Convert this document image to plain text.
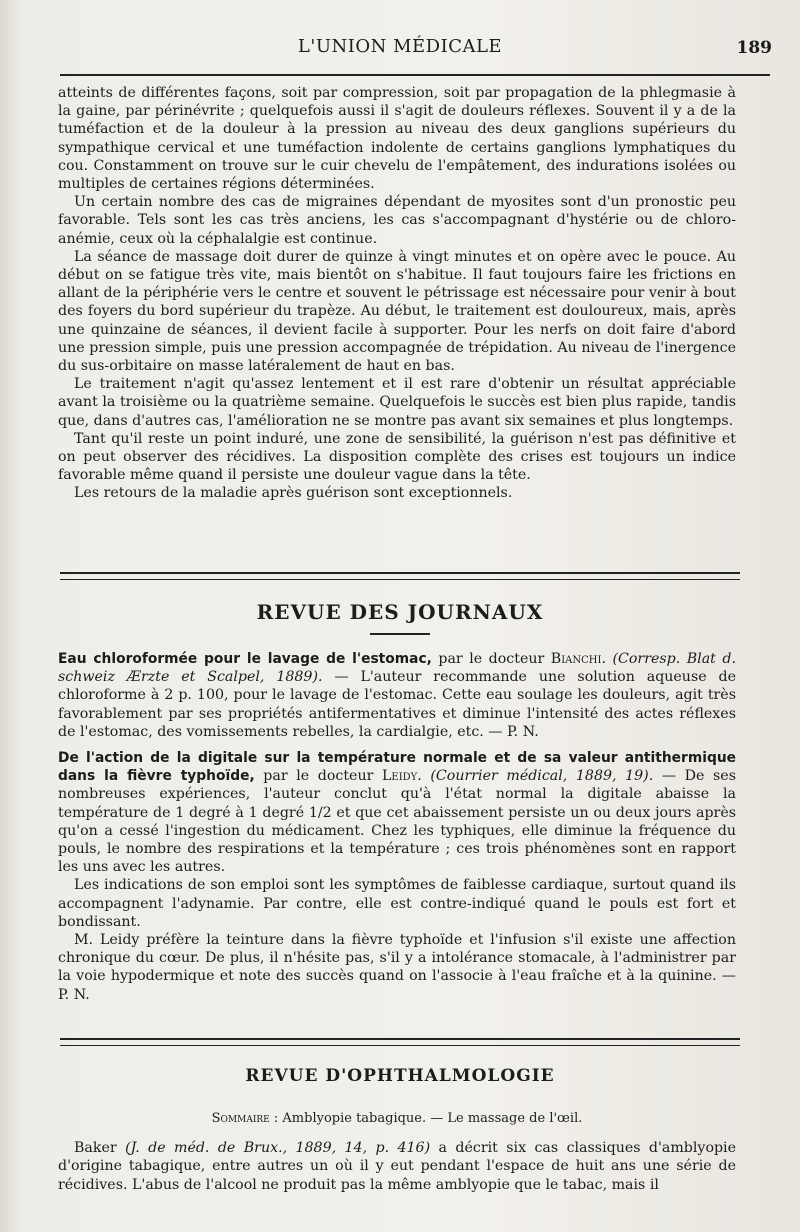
L'UNION MÉDICALE	189

atteints de différentes façons, soit par compression, soit par propagation de la phlegmasie à la gaine, par périnévrite ; quelquefois aussi il s'agit de douleurs réflexes. Souvent il y a de la tuméfaction et de la douleur à la pression au niveau des deux ganglions supérieurs du sympathique cervical et une tuméfaction indolente de certains ganglions lymphatiques du cou. Constamment on trouve sur le cuir chevelu de l'empâtement, des indurations isolées ou multiples de certaines régions déterminées.

Un certain nombre des cas de migraines dépendant de myosites sont d'un pronostic peu favorable. Tels sont les cas très anciens, les cas s'accompagnant d'hystérie ou de chloro-anémie, ceux où la céphalalgie est continue.

La séance de massage doit durer de quinze à vingt minutes et on opère avec le pouce. Au début on se fatigue très vite, mais bientôt on s'habitue. Il faut toujours faire les frictions en allant de la périphérie vers le centre et souvent le pétrissage est nécessaire pour venir à bout des foyers du bord supérieur du trapèze. Au début, le traitement est douloureux, mais, après une quinzaine de séances, il devient facile à supporter. Pour les nerfs on doit faire d'abord une pression simple, puis une pression accompagnée de trépidation. Au niveau de l'inergence du sus-orbitaire on masse latéralement de haut en bas.

Le traitement n'agit qu'assez lentement et il est rare d'obtenir un résultat appréciable avant la troisième ou la quatrième semaine. Quelquefois le succès est bien plus rapide, tandis que, dans d'autres cas, l'amélioration ne se montre pas avant six semaines et plus longtemps.

Tant qu'il reste un point induré, une zone de sensibilité, la guérison n'est pas définitive et on peut observer des récidives. La disposition complète des crises est toujours un indice favorable même quand il persiste une douleur vague dans la tête.

Les retours de la maladie après guérison sont exceptionnels.

REVUE DES JOURNAUX

Eau chloroformée pour le lavage de l'estomac, par le docteur Bianchi. (Corresp. Blat d. schweiz Ærzte et Scalpel, 1889). — L'auteur recommande une solution aqueuse de chloroforme à 2 p. 100, pour le lavage de l'estomac. Cette eau soulage les douleurs, agit très favorablement par ses propriétés antifermentatives et diminue l'intensité des actes réflexes de l'estomac, des vomissements rebelles, la cardialgie, etc. — P. N.

De l'action de la digitale sur la température normale et de sa valeur antithermique dans la fièvre typhoïde, par le docteur Leidy. (Courrier médical, 1889, 19). — De ses nombreuses expériences, l'auteur conclut qu'à l'état normal la digitale abaisse la température de 1 degré à 1 degré 1/2 et que cet abaissement persiste un ou deux jours après qu'on a cessé l'ingestion du médicament. Chez les typhiques, elle diminue la fréquence du pouls, le nombre des respirations et la température ; ces trois phénomènes sont en rapport les uns avec les autres.

Les indications de son emploi sont les symptômes de faiblesse cardiaque, surtout quand ils accompagnent l'adynamie. Par contre, elle est contre-indiqué quand le pouls est fort et bondissant.

M. Leidy préfère la teinture dans la fièvre typhoïde et l'infusion s'il existe une affection chronique du cœur. De plus, il n'hésite pas, s'il y a intolérance stomacale, à l'administrer par la voie hypodermique et note des succès quand on l'associe à l'eau fraîche et à la quinine. — P. N.

REVUE D'OPHTHALMOLOGIE
Sommaire : Amblyopie tabagique. — Le massage de l'œil.

Baker (J. de méd. de Brux., 1889, 14, p. 416) a décrit six cas classiques d'amblyopie d'origine tabagique, entre autres un où il y eut pendant l'espace de huit ans une série de récidives. L'abus de l'alcool ne produit pas la même amblyopie que le tabac, mais il
